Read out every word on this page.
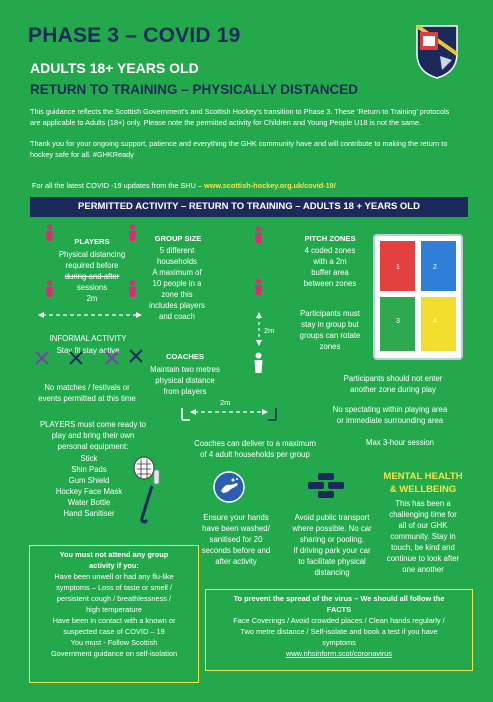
PHASE 3 – COVID 19
ADULTS 18+ YEARS OLD
RETURN TO TRAINING – PHYSICALLY DISTANCED
This guidance reflects the Scottish Government's and Scottish Hockey's transition to Phase 3. These ‘Return to Training’ protocols are applicable to Adults (18+) only. Please note the permitted activity for Children and Young People U18 is not the same.
Thank you for your ongoing support, patience and everything the GHK community have and will contribute to making the return to hockey safe for all. #GHKReady
For all the latest COVID -19 updates from the SHU – www.scottish-hockey.org.uk/covid-19/
PERMITTED ACTIVITY – RETURN TO TRAINING – ADULTS 18 + YEARS OLD
PLAYERS
Physical distancing
required before
during and after
sessions
2m
GROUP SIZE
5 different
households
A maximum of
10 people in a
zone this
includes players
and coach
PITCH ZONES
4 coded zones
with a 2m
buffer area
between zones
Participants must
stay in group but
groups can rotate
zones
1	2
3	4
INFORMAL ACTIVITY
Stay fit stay active
No matches / festivals or
events permitted at this time
2m
COACHES
Maintain two metres
physical distance
from players
2m
Participants should not enter
another zone during play
No spectating within playing area
or immediate surrounding area
Max 3-hour session
PLAYERS must come ready to
play and bring their own
personal equipment:
Stick
Shin Pads
Gum Shield
Hockey Face Mask
Water Bottle
Hand Sanitiser
Coaches can deliver to a maximum
of 4 adult households per group
Ensure your hands
have been washed/
sanitised for 20
seconds before and
after activity
Avoid public transport
where possible. No car
sharing or pooling.
If driving park your car
to facilitate physical
distancing
MENTAL HEALTH
& WELLBEING
This has been a
challenging time for
all of our GHK
community. Stay in
touch, be kind and
continue to look after
one another
You must not attend any group
activity if you:
Have been unwell or had any flu-like
symptoms – Loss of taste or smell /
persistent cough / breathlessness /
high temperature
Have been in contact with a known or
suspected case of COVID – 19
You must - Follow Scottish
Government guidance on self-isolation
To prevent the spread of the virus – We should all follow the
FACTS
Face Coverings / Avoid crowded places / Clean hands regularly /
Two metre distance / Self-isolate and book a test if you have
symptoms
www.nhsinform.scot/coronavirus
